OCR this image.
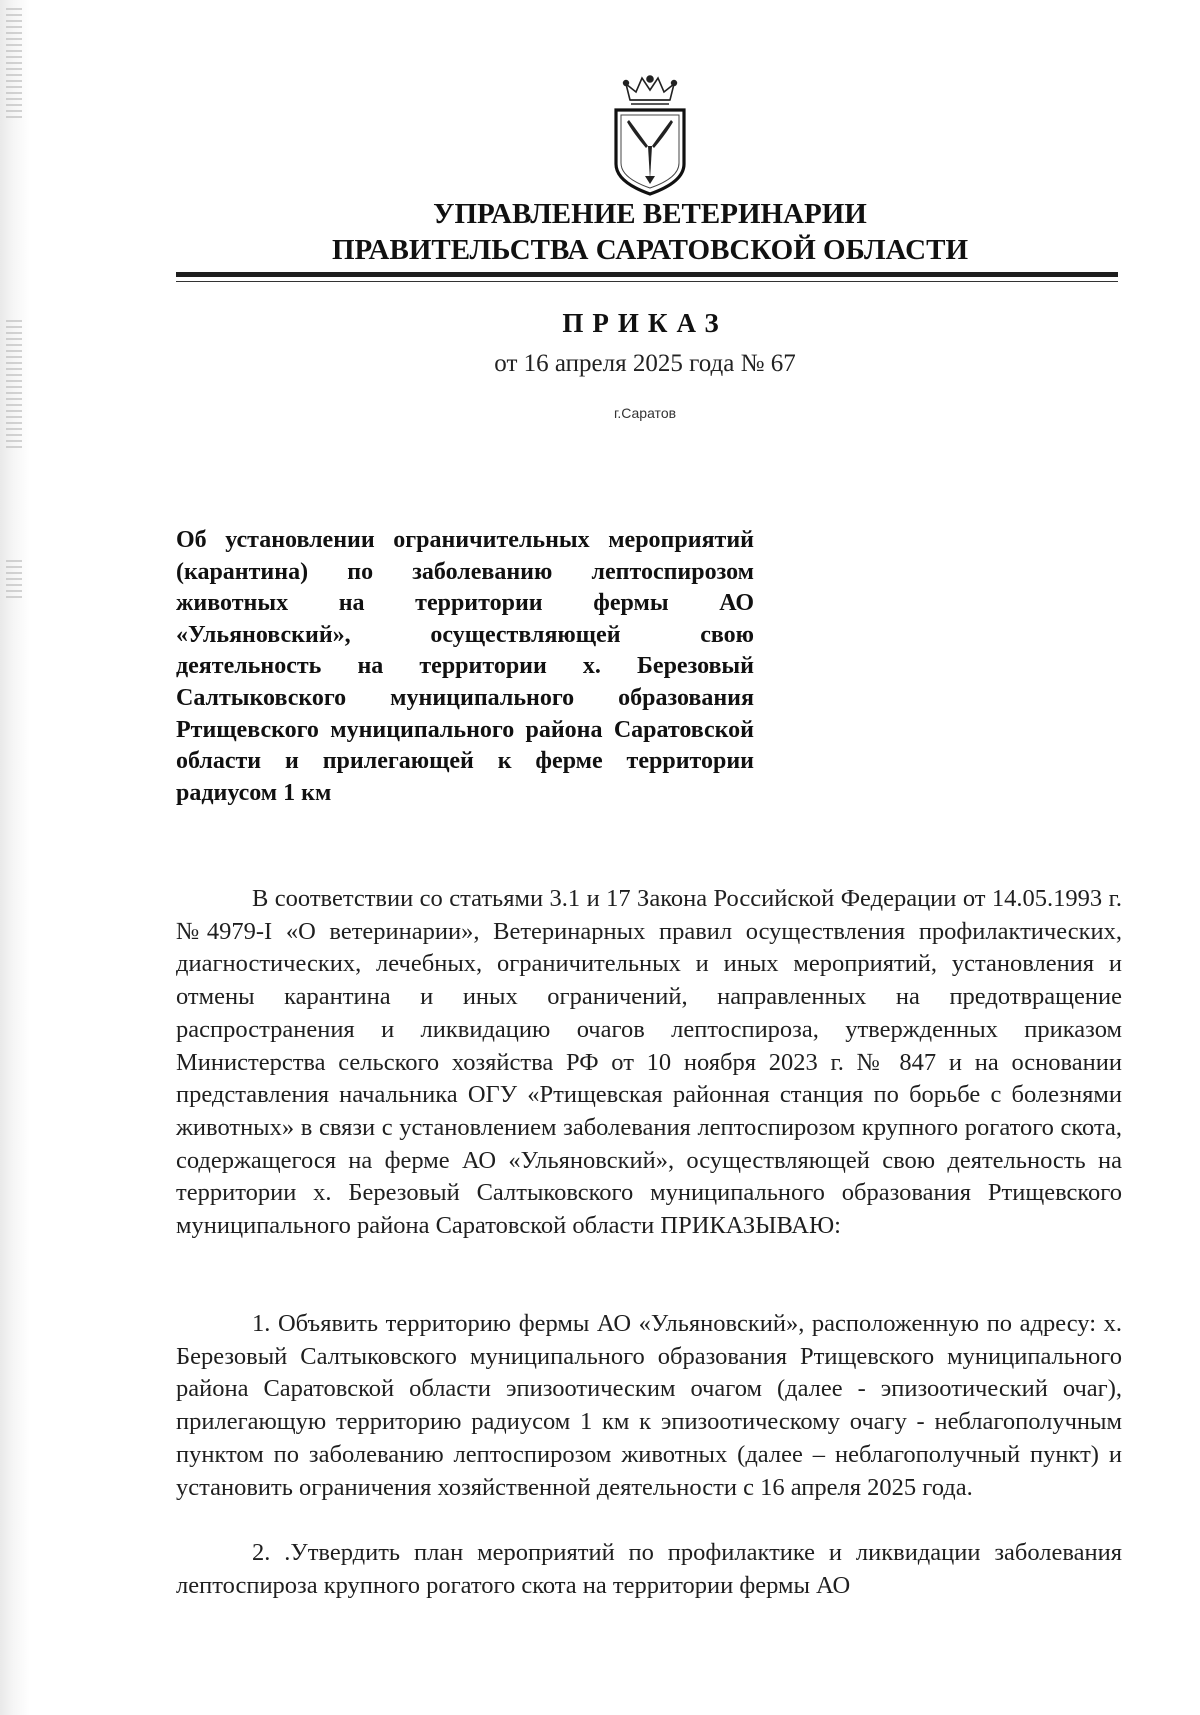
УПРАВЛЕНИЕ ВЕТЕРИНАРИИ
ПРАВИТЕЛЬСТВА САРАТОВСКОЙ ОБЛАСТИ
ПРИКАЗ
от 16 апреля 2025 года № 67
г.Саратов
Об установлении ограничительных мероприятий (карантина) по заболеванию лептоспирозом животных на территории фермы АО «Ульяновский», осуществляющей свою деятельность на территории х. Березовый Салтыковского муниципального образования Ртищевского муниципального района Саратовской области и прилегающей к ферме территории радиусом 1 км
В соответствии со статьями 3.1 и 17 Закона Российской Федерации от 14.05.1993 г. №4979-I «О ветеринарии», Ветеринарных правил осуществления профилактических, диагностических, лечебных, ограничительных и иных мероприятий, установления и отмены карантина и иных ограничений, направленных на предотвращение распространения и ликвидацию очагов лептоспироза, утвержденных приказом Министерства сельского хозяйства РФ от 10 ноября 2023 г. № 847 и на основании представления начальника ОГУ «Ртищевская районная станция по борьбе с болезнями животных» в связи с установлением заболевания лептоспирозом крупного рогатого скота, содержащегося на ферме АО «Ульяновский», осуществляющей свою деятельность на территории х. Березовый Салтыковского муниципального образования Ртищевского муниципального района Саратовской области ПРИКАЗЫВАЮ:
1. Объявить территорию фермы АО «Ульяновский», расположенную по адресу: х. Березовый Салтыковского муниципального образования Ртищевского муниципального района Саратовской области эпизоотическим очагом (далее - эпизоотический очаг), прилегающую территорию радиусом 1 км к эпизоотическому очагу - неблагополучным пунктом по заболеванию лептоспирозом животных (далее – неблагополучный пункт) и установить ограничения хозяйственной деятельности с 16 апреля 2025 года.
2. .Утвердить план мероприятий по профилактике и ликвидации заболевания лептоспироза крупного рогатого скота на территории фермы АО
